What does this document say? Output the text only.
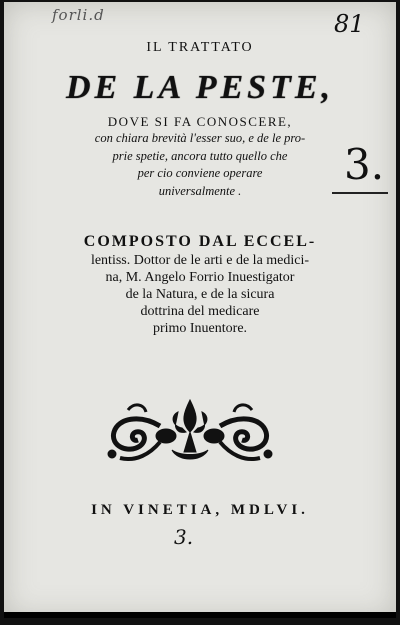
forli.d	81
IL TRATTATO
DE LA PESTE,
DOVE SI FA CONOSCERE,
con chiara brevità l'esser suo, e de le pro-
prie spetie, ancora tutto quello che
per cio conviene operare
universalmente .
3.
COMPOSTO DAL ECCEL-
lentiss. Dottor de le arti e de la medici-
na, M. Angelo Forrio Inuestigator
de la Natura, e de la sicura
dottrina del medicare
primo Inuentore.
IN VINETIA, MDLVI.
3.
